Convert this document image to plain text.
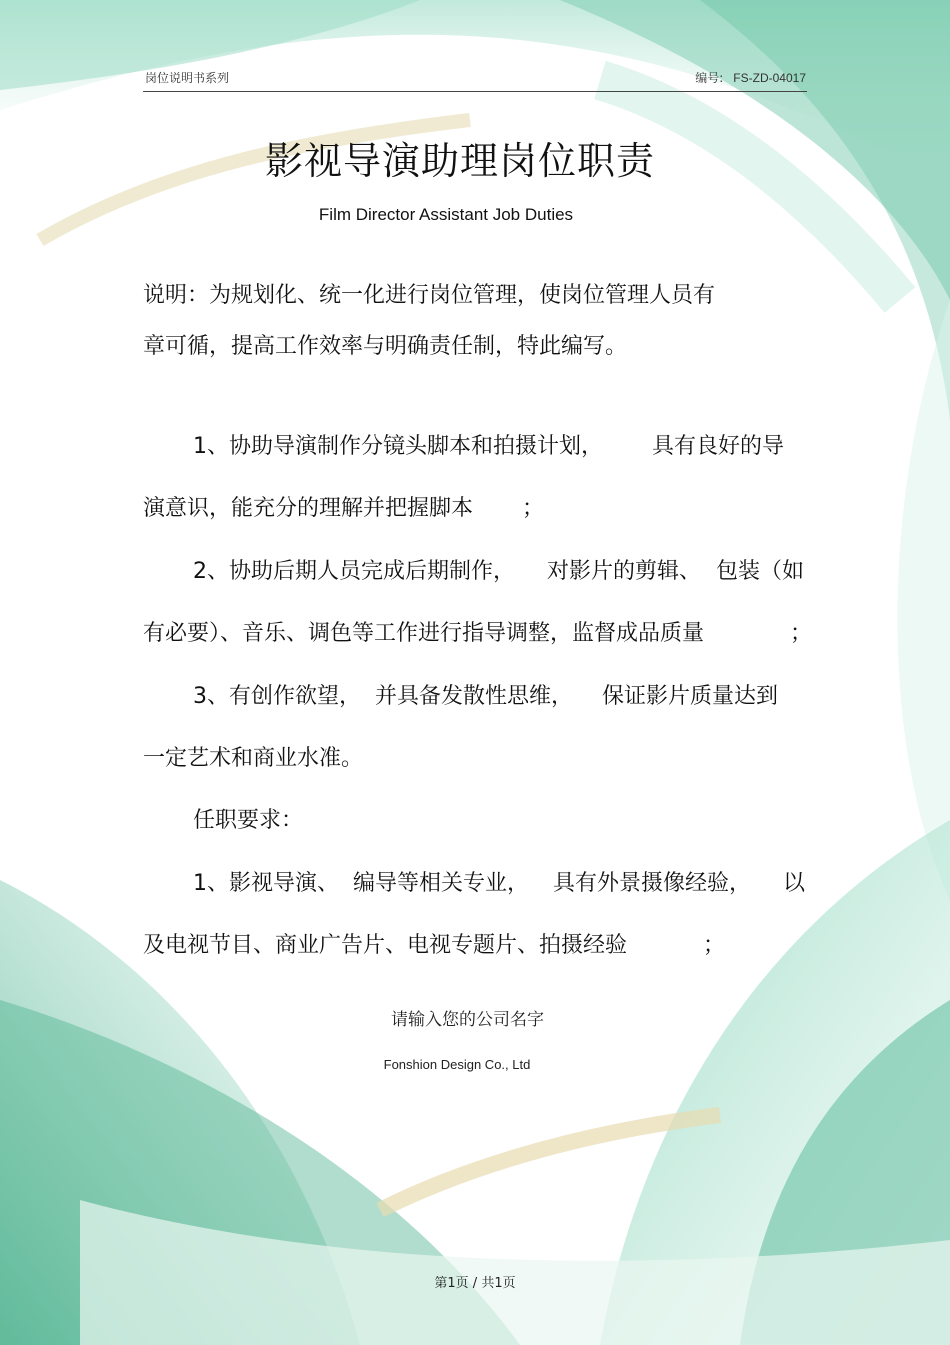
岗位说明书系列	编号: FS-ZD-04017
影视导演助理岗位职责
Film Director Assistant Job Duties
说明：为规划化、统一化进行岗位管理，使岗位管理人员有
章可循，提高工作效率与明确责任制，特此编写。
1、协助导演制作分镜头脚本和拍摄计划， 具有良好的导
演意识，能充分的理解并把握脚本 ；
2、协助后期人员完成后期制作， 对影片的剪辑、 包装（如
有必要）、音乐、调色等工作进行指导调整，监督成品质量	；
3、有创作欲望， 并具备发散性思维， 保证影片质量达到
一定艺术和商业水准。
任职要求：
1、影视导演、 编导等相关专业， 具有外景摄像经验， 以
及电视节目、商业广告片、电视专题片、拍摄经验	；
请输入您的公司名字
Fonshion Design Co., Ltd
第1页 / 共1页
